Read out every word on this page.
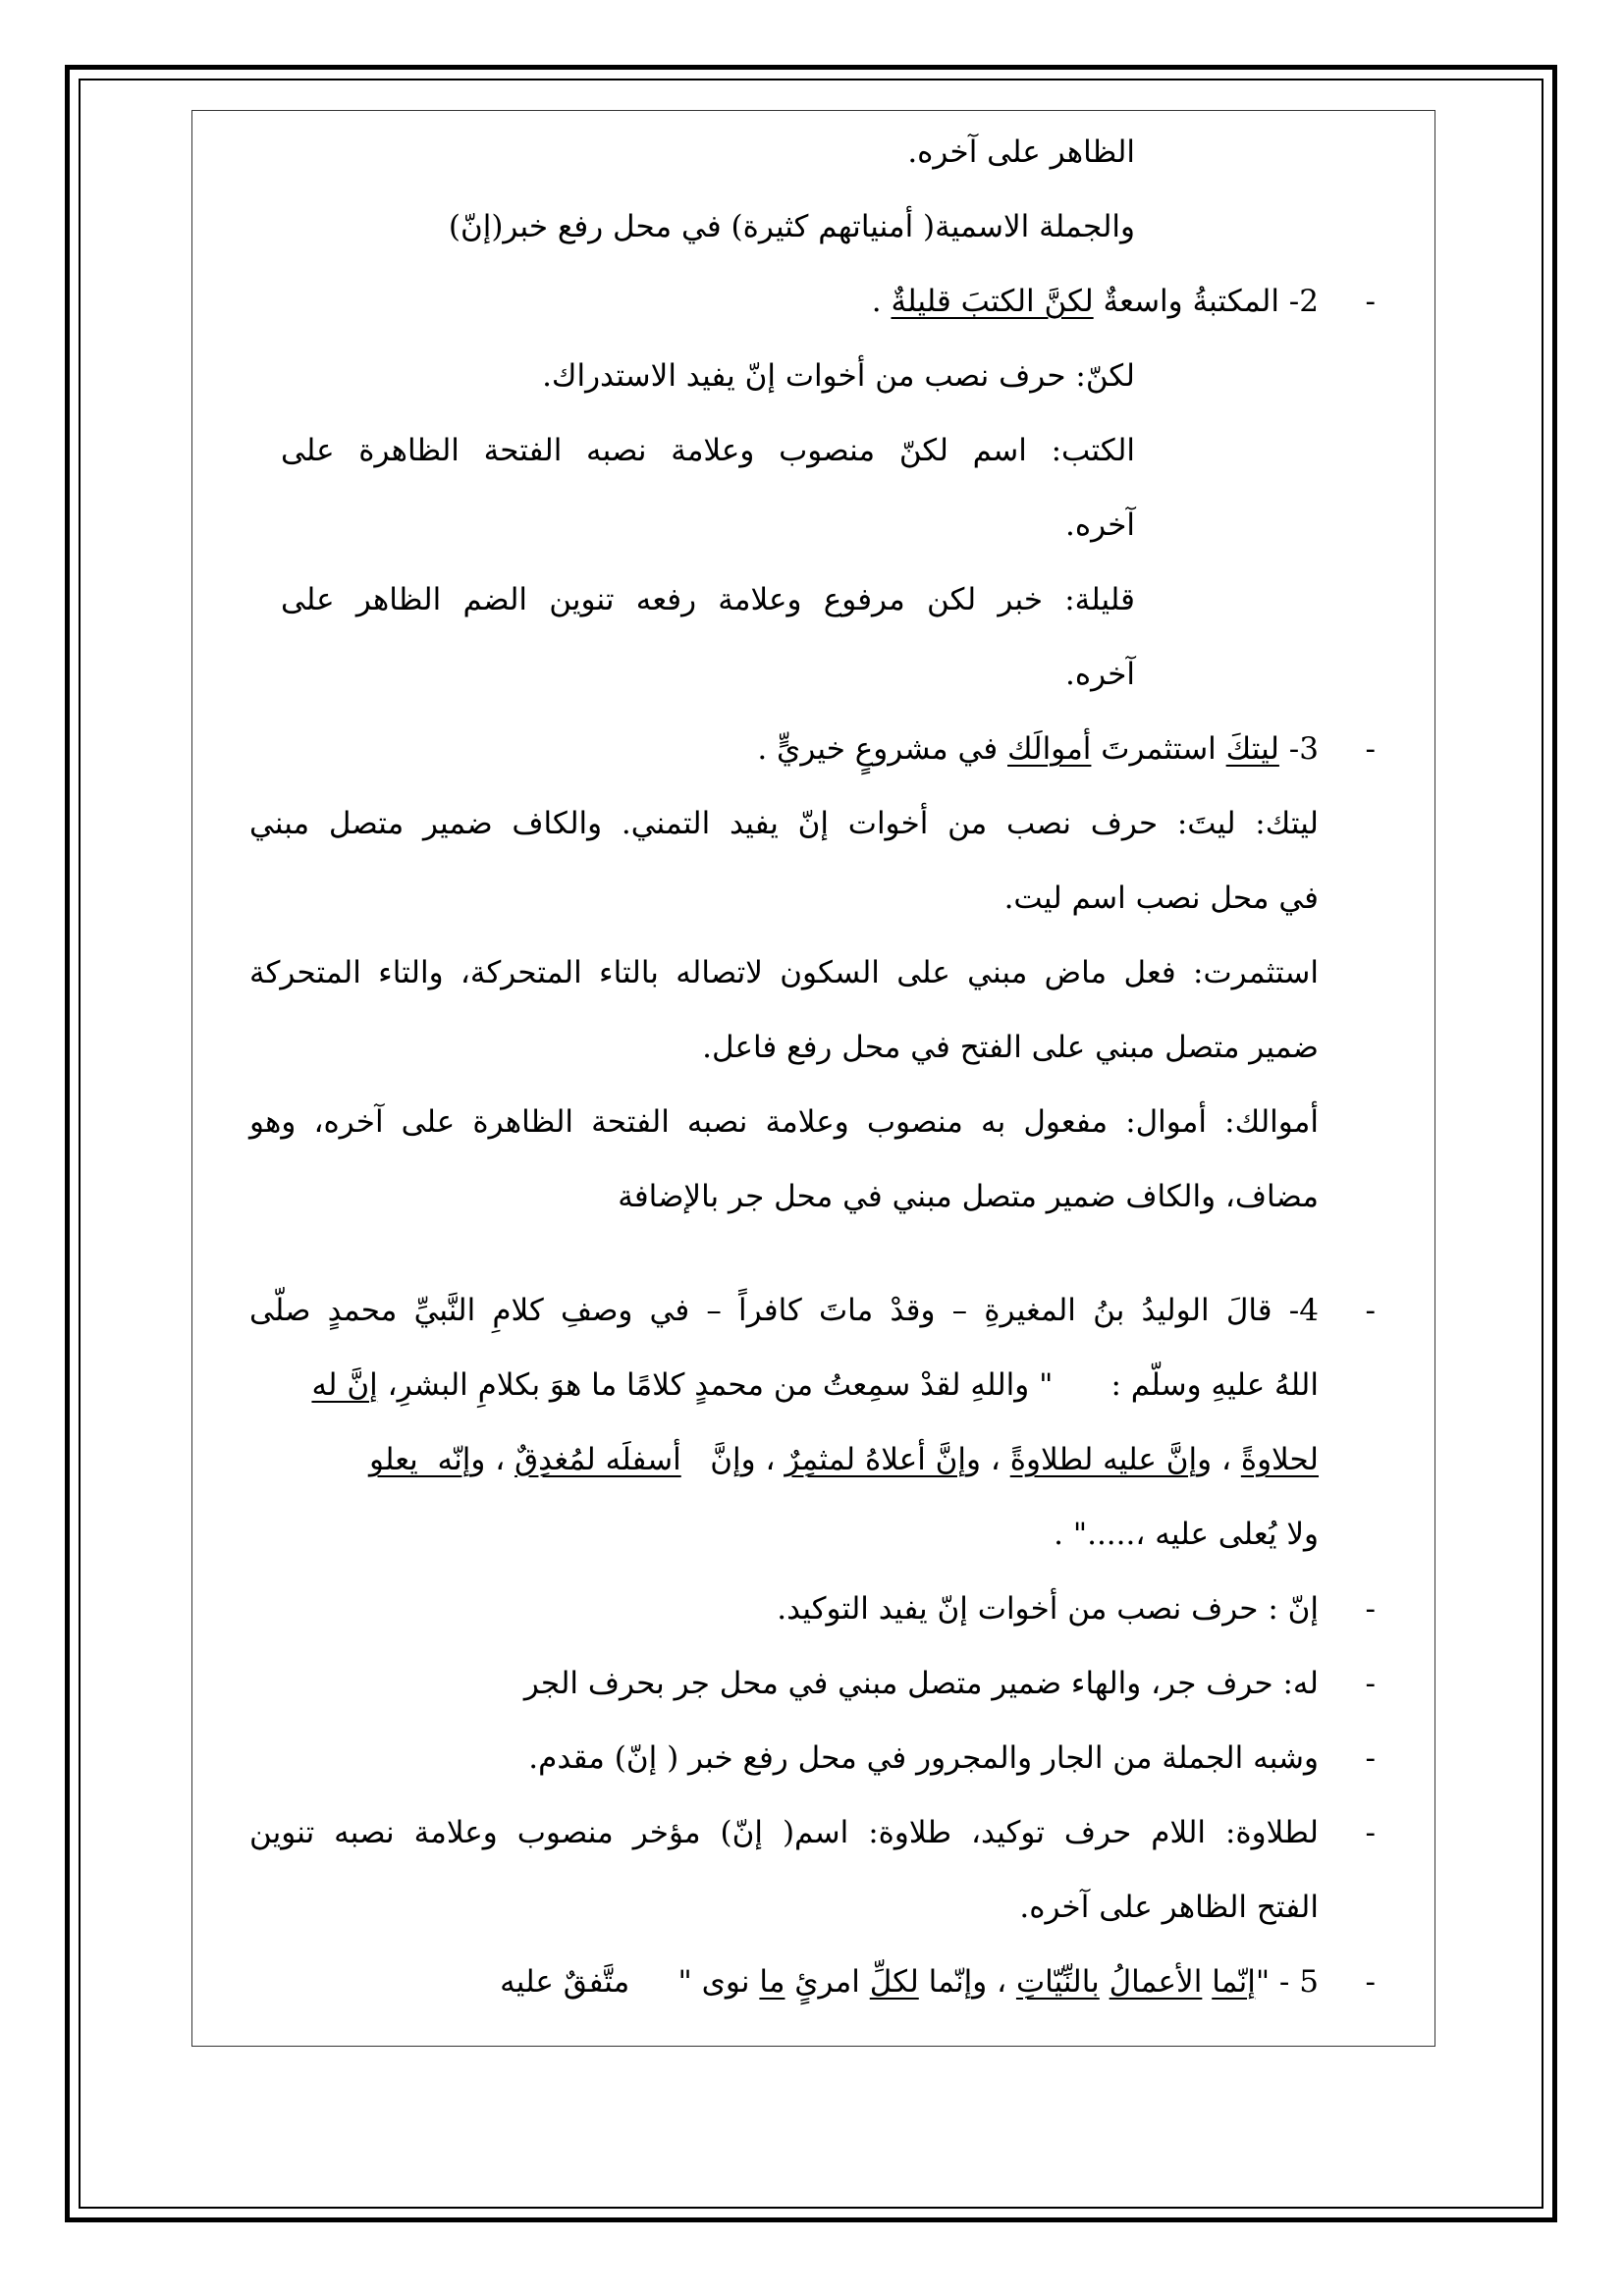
الظاهر على آخره.
والجملة الاسمية( أمنياتهم كثيرة) في محل رفع خبر(إنّ)
-
2- المكتبةُ واسعةٌ لكنَّ الكتبَ قليلةٌ .
لكنّ: حرف نصب من أخوات إنّ يفيد الاستدراك.
الكتب: اسم لكنّ منصوب وعلامة نصبه الفتحة الظاهرة على
آخره.
قليلة: خبر لكن مرفوع وعلامة رفعه تنوين الضم الظاهر على
آخره.
-
3- ليتكَ استثمرتَ أموالَك في مشروعٍ خيريٍّ .
ليتك: ليتَ: حرف نصب من أخوات إنّ يفيد التمني. والكاف ضمير متصل مبني
في محل نصب اسم ليت.
استثمرت: فعل ماض مبني على السكون لاتصاله بالتاء المتحركة، والتاء المتحركة
ضمير متصل مبني على الفتح في محل رفع فاعل.
أموالك: أموال: مفعول به منصوب وعلامة نصبه الفتحة الظاهرة على آخره، وهو
مضاف، والكاف ضمير متصل مبني في محل جر بالإضافة
-
4- قالَ الوليدُ بنُ المغيرةِ – وقدْ ماتَ كافراً – في وصفِ كلامِ النَّبيِّ محمدٍ صلّى
اللهُ عليهِ وسلّم :      " واللهِ لقدْ سمِعتُ من محمدٍ كلامًا ما هوَ بكلامِ البشرِ، إنَّ له
لحلاوةً ، وإنَّ عليه لطلاوةً ، وإنَّ أعلاهُ لمثمِرٌ ، وإنَّ   أسفلَه لمُغدِقٌ ، وإنّه  يعلو
ولا يُعلى عليه ،....." .
-
إنّ : حرف نصب من أخوات إنّ يفيد التوكيد.
-
له: حرف جر، والهاء ضمير متصل مبني في محل جر بحرف الجر
-
وشبه الجملة من الجار والمجرور في محل رفع خبر ( إنّ) مقدم.
-
لطلاوة: اللام حرف توكيد، طلاوة: اسم( إنّ) مؤخر منصوب وعلامة نصبه تنوين
الفتح الظاهر على آخره.
-
5 - "إنّما الأعمالُ بالنِّيّاتِ ، وإنّما لكلِّ امرئٍ ما نوى "     متَّفقٌ عليه
